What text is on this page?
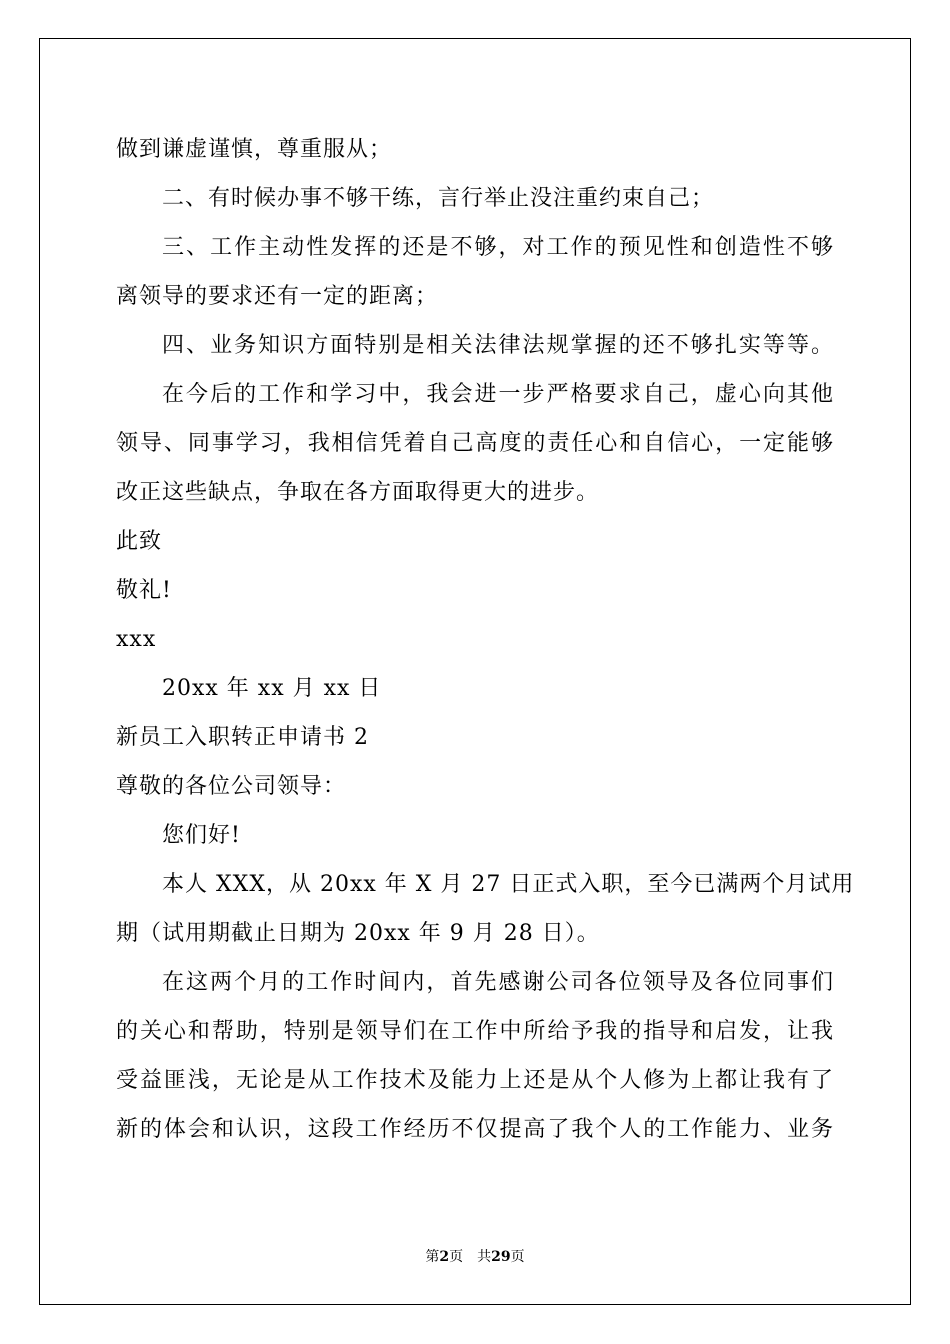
做到谦虚谨慎，尊重服从；
二、有时候办事不够干练，言行举止没注重约束自己；
三、工作主动性发挥的还是不够，对工作的预见性和创造性不够
离领导的要求还有一定的距离；
四、业务知识方面特别是相关法律法规掌握的还不够扎实等等。
在今后的工作和学习中，我会进一步严格要求自己，虚心向其他
领导、同事学习，我相信凭着自己高度的责任心和自信心，一定能够
改正这些缺点，争取在各方面取得更大的进步。
此致
敬礼!
xxx
20xx 年 xx 月 xx 日
新员工入职转正申请书 2
尊敬的各位公司领导：
您们好!
本人 XXX，从 20xx 年 X 月 27 日正式入职，至今已满两个月试用
期（试用期截止日期为 20xx 年 9 月 28 日）。
在这两个月的工作时间内，首先感谢公司各位领导及各位同事们
的关心和帮助，特别是领导们在工作中所给予我的指导和启发，让我
受益匪浅，无论是从工作技术及能力上还是从个人修为上都让我有了
新的体会和认识，这段工作经历不仅提高了我个人的工作能力、业务
第2页 共29页
